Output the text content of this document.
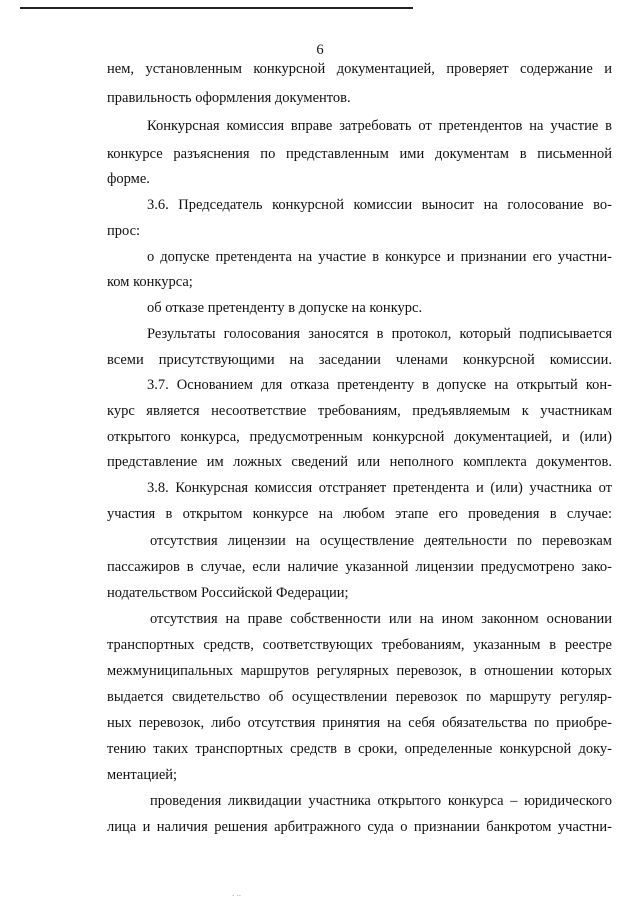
6
нем, установленным конкурсной документацией, проверяет содержание и
правильность оформления документов.
Конкурсная комиссия вправе затребовать от претендентов на участие в
конкурсе разъяснения по представленным ими документам в письменной
форме.
3.6. Председатель конкурсной комиссии выносит на голосование во-
прос:
о допуске претендента на участие в конкурсе и признании его участни-
ком конкурса;
об отказе претенденту в допуске на конкурс.
Результаты голосования заносятся в протокол, который подписывается
всеми присутствующими на заседании членами конкурсной комиссии.
3.7. Основанием для отказа претенденту в допуске на открытый кон-
курс является несоответствие требованиям, предъявляемым к участникам
открытого конкурса, предусмотренным конкурсной документацией, и (или)
представление им ложных сведений или неполного комплекта документов.
3.8. Конкурсная комиссия отстраняет претендента и (или) участника от
участия в открытом конкурсе на любом этапе его проведения в случае:
отсутствия лицензии на осуществление деятельности по перевозкам
пассажиров в случае, если наличие указанной лицензии предусмотрено зако-
нодательством Российской Федерации;
отсутствия на праве собственности или на ином законном основании
транспортных средств, соответствующих требованиям, указанным в реестре
межмуниципальных маршрутов регулярных перевозок, в отношении которых
выдается свидетельство об осуществлении перевозок по маршруту регуляр-
ных перевозок, либо отсутствия принятия на себя обязательства по приобре-
тению таких транспортных средств в сроки, определенные конкурсной доку-
ментацией;
проведения ликвидации участника открытого конкурса – юридического
лица и наличия решения арбитражного суда о признании банкротом участни-
. ..
